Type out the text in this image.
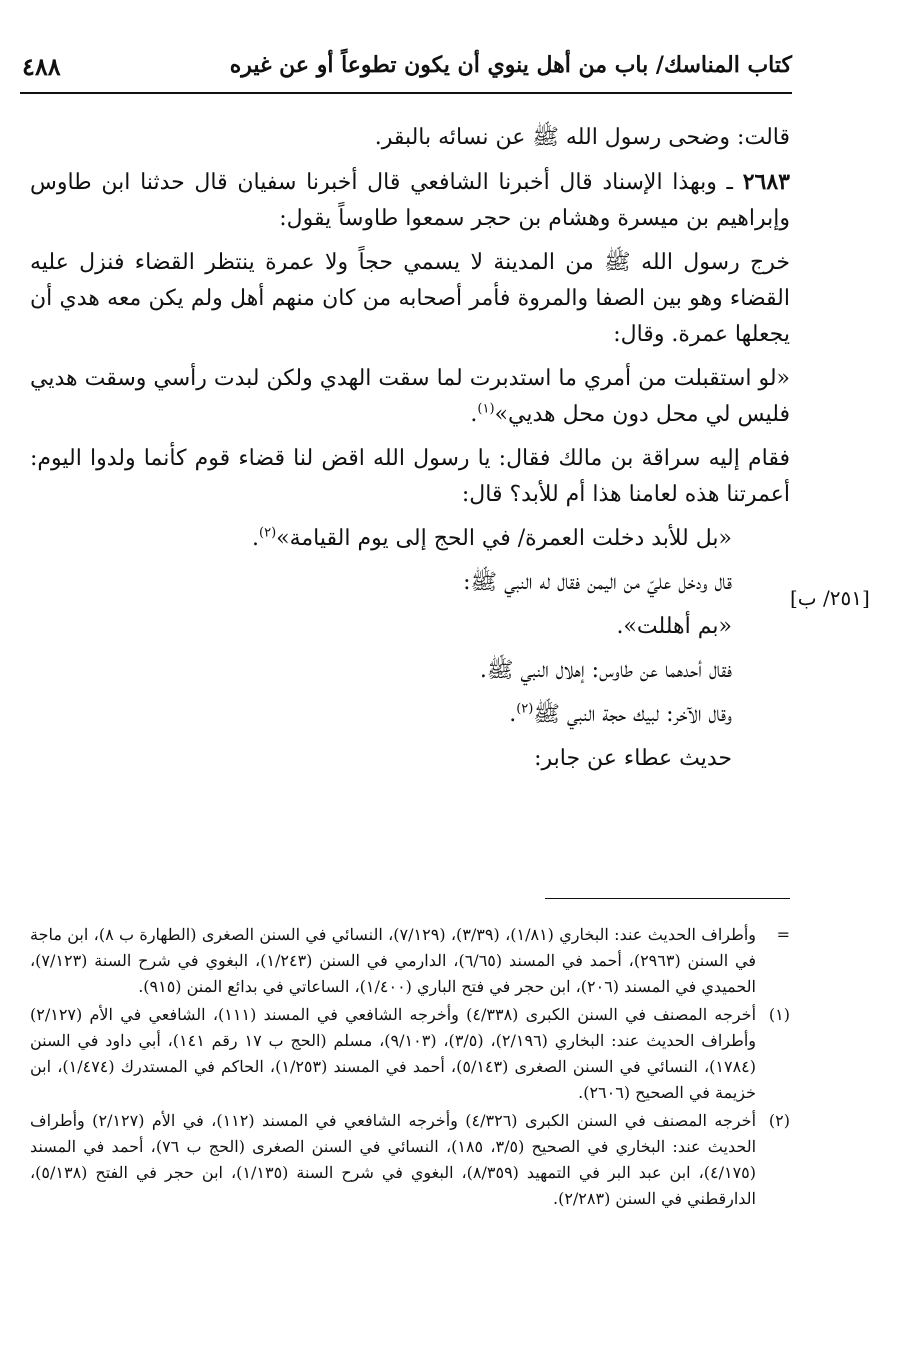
كتاب المناسك/ باب من أهل ينوي أن يكون تطوعاً أو عن غيره
٤٨٨
[٢٥١/ ب]

قالت: وضحى رسول الله ﷺ عن نسائه بالبقر.

٢٦٨٣ ـ وبهذا الإسناد قال أخبرنا الشافعي قال أخبرنا سفيان قال حدثنا ابن طاوس وإبراهيم بن ميسرة وهشام بن حجر سمعوا طاوساً يقول:

خرج رسول الله ﷺ من المدينة لا يسمي حجاً ولا عمرة ينتظر القضاء فنزل عليه القضاء وهو بين الصفا والمروة فأمر أصحابه من كان منهم أهل ولم يكن معه هدي أن يجعلها عمرة. وقال:

«لو استقبلت من أمري ما استدبرت لما سقت الهدي ولكن لبدت رأسي وسقت هديي فليس لي محل دون محل هديي»$^{(١)}$.

فقام إليه سراقة بن مالك فقال: يا رسول الله اقض لنا قضاء قوم كأنما ولدوا اليوم: أعمرتنا هذه لعامنا هذا أم للأبد؟ قال:

«بل للأبد دخلت العمرة/ في الحج إلى يوم القيامة»$^{(٢)}$.

قال ودخل عليّ من اليمن فقال له النبي ﷺ:

«بم أهللت».

فقال أحدهما عن طاوس: إهلال النبي ﷺ.

وقال الآخر: لبيك حجة النبي ﷺ$^{(٢)}$.

حديث عطاء عن جابر:

=
وأطراف الحديث عند: البخاري (١/٨١)، (٣/٣٩)، (٧/١٢٩)، النسائي في السنن الصغرى (الطهارة ب ٨)، ابن ماجة في السنن (٢٩٦٣)، أحمد في المسند (٦/٦٥)، الدارمي في السنن (١/٢٤٣)، البغوي في شرح السنة (٧/١٢٣)، الحميدي في المسند (٢٠٦)، ابن حجر في فتح الباري (١/٤٠٠)، الساعاتي في بدائع المنن (٩١٥).

(١)
أخرجه المصنف في السنن الكبرى (٤/٣٣٨) وأخرجه الشافعي في المسند (١١١)، الشافعي في الأم (٢/١٢٧) وأطراف الحديث عند: البخاري (٢/١٩٦)، (٣/٥)، (٩/١٠٣)، مسلم (الحج ب ١٧ رقم ١٤١)، أبي داود في السنن (١٧٨٤)، النسائي في السنن الصغرى (٥/١٤٣)، أحمد في المسند (١/٢٥٣)، الحاكم في المستدرك (١/٤٧٤)، ابن خزيمة في الصحيح (٢٦٠٦).

(٢)
أخرجه المصنف في السنن الكبرى (٤/٣٢٦) وأخرجه الشافعي في المسند (١١٢)، في الأم (٢/١٢٧) وأطراف الحديث عند: البخاري في الصحيح (٣/٥، ١٨٥)، النسائي في السنن الصغرى (الحج ب ٧٦)، أحمد في المسند (٤/١٧٥)، ابن عبد البر في التمهيد (٨/٣٥٩)، البغوي في شرح السنة (١/١٣٥)، ابن حجر في الفتح (٥/١٣٨)، الدارقطني في السنن (٢/٢٨٣).
